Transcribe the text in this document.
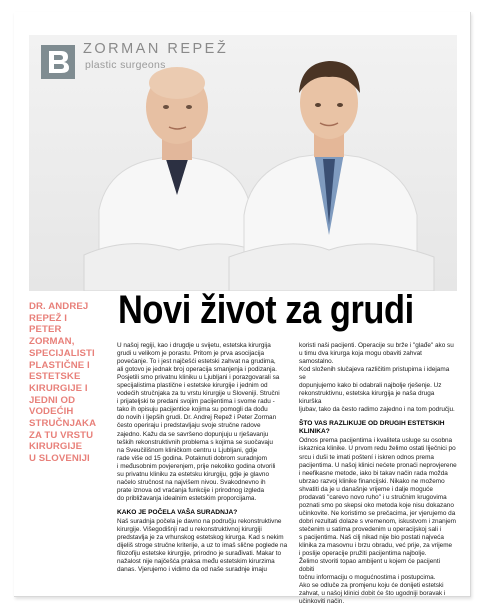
ZORMAN REPEŽ
plastic surgeons
DR. ANDREJ
REPEŽ I
PETER
ZORMAN,
SPECIJALISTI
PLASTIČNE I
ESTETSKE
KIRURGIJE I
JEDNI OD
VODEĆIH
STRUČNJAKA
ZA TU VRSTU
KIRURGIJE
U SLOVENIJI
Novi život za grudi

U našoj regiji, kao i drugdje u svijetu, estetska kirurgija
grudi u velikom je porastu. Pritom je prva asocijacija
povećanje. To i jest najčešći estetski zahvat na grudima,
ali gotovo je jednak broj operacija smanjenja i podizanja.
Posjetili smo privatnu kliniku u Ljubljani i porazgovarali sa
specijalistima plastične i estetske kirurgije i jednim od
vodećih stručnjaka za tu vrstu kirurgije u Sloveniji. Stručni
i prijateljski te predani svojim pacijentima i svome radu -
tako ih opisuju pacijentice kojima su pomogli da dođu
do novih i ljepših grudi. Dr. Andrej Repež i Peter Zorman
često operiraju i predstavljaju svoje stručne radove
zajedno. Kažu da se savršeno dopunjuju u rješavanju
teških rekonstruktivnih problema s kojima se suočavaju
na Sveučilišnom kliničkom centru u Ljubljani, gdje
rade više od 15 godina. Potaknuti dobrom suradnjom
i međusobnim povjerenjem, prije nekoliko godina otvorili
su privatnu kliniku za estetsku kirurgiju, gdje je glavno
načelo stručnost na najvišem nivou. Svakodnevno ih
prate iznova od vraćanja funkcije i prirodnog izgleda
do približavanja idealnim estetskim proporcijama.

KAKO JE POČELA VAŠA SURADNJA?

Naš suradnja počela je davno na području rekonstruktivne
kirurgije. Višegodišnji rad u rekonstruktivnoj kirurgiji
predstavlja je za vrhunskog estetskog kirurga. Kad s nekim
dijeliš stroge stručne kriterije, a uz to imaš slične poglede na
filozofiju estetske kirurgije, prirodno je surađivati. Makar to
nažalost nije najčešća praksa među estetskim kirurzima
danas. Vjerujemo i vidimo da od naše suradnje imaju

koristi naši pacijenti. Operacije su brže i "glađe" ako su
u timu dva kirurga koja mogu obaviti zahvat samostalno.
Kod složenih slučajeva različitim pristupima i idejama se
dopunjujemo kako bi odabrali najbolje rješenje. Uz
rekonstruktivnu, estetska kirurgija je naša druga kirurška
ljubav, tako da često radimo zajedno i na tom području.

ŠTO VAS RAZLIKUJE OD DRUGIH ESTETSKIH
KLINIKA?

Odnos prema pacijentima i kvaliteta usluge su osobna
iskaznica klinike. U prvom redu želimo ostati liječnici po
srcu i duši te imati poštení i iskren odnos prema
pacijentima. U našoj klinici nećete pronaći neprovjerene
i neefikasne metode, iako bi takav način rada možda
ubrzao razvoj klinike financijski. Nikako ne možemo
shvatiti da je u današnje vrijeme i dalje moguće
prodavati "carevo novo ruho" i u stručnim krugovima
poznati smo po skepsi oko metoda koje nisu dokazano
učinkovite. Ne koristimo se prečacima, jer vjerujemo da
dobri rezultati dolaze s vremenom, iskustvom i znanjem
stečenim u satima provedenim u operacijskoj sali i
s pacijentima. Naš cilj nikad nije bio postati najveća
klinika za masovnu i brzu obradu, već prije, za vrijeme
i poslije operacije pružiti pacijentima najbolje.
Želimo stvoriti topao ambijent u kojem će pacijenti dobiti
točnu informaciju o mogućnostima i postupcima.
Ako se odluče za promjenu koju će donijeti estetski
zahvat, u našoj klinici dobit će što ugodniji boravak i
učinkoviti način.
